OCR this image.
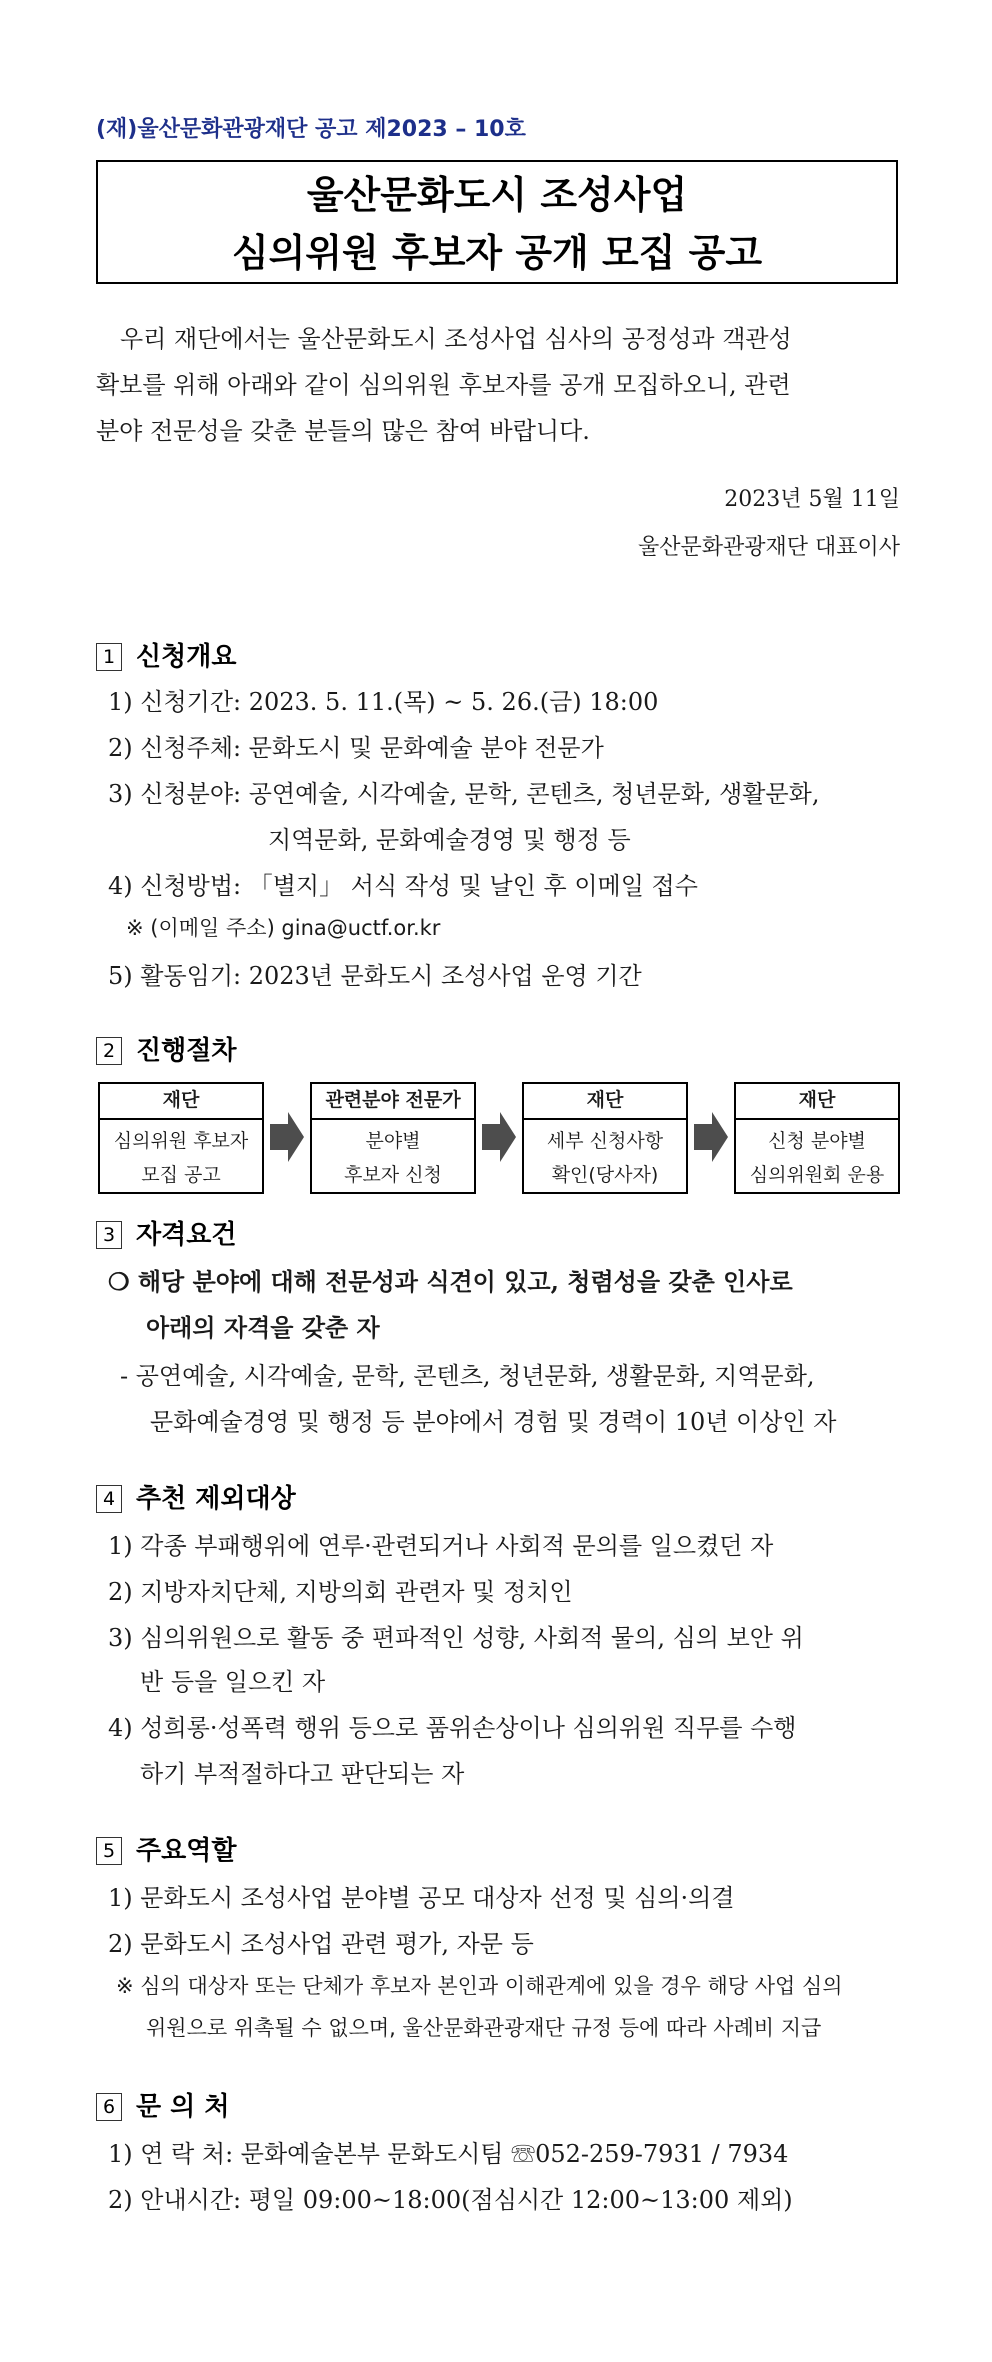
(재)울산문화관광재단 공고 제2023 – 10호
울산문화도시 조성사업
심의위원 후보자 공개 모집 공고
우리 재단에서는 울산문화도시 조성사업 심사의 공정성과 객관성
확보를 위해 아래와 같이 심의위원 후보자를 공개 모집하오니, 관련
분야 전문성을 갖춘 분들의 많은 참여 바랍니다.
2023년 5월 11일
울산문화관광재단 대표이사
1 신청개요
1) 신청기간: 2023. 5. 11.(목) ~ 5. 26.(금) 18:00
2) 신청주체: 문화도시 및 문화예술 분야 전문가
3) 신청분야: 공연예술, 시각예술, 문학, 콘텐츠, 청년문화, 생활문화,
지역문화, 문화예술경영 및 행정 등
4) 신청방법: 「별지」 서식 작성 및 날인 후 이메일 접수
※ (이메일 주소) gina@uctf.or.kr
5) 활동임기: 2023년 문화도시 조성사업 운영 기간
2 진행절차
재단
심의위원 후보자
모집 공고
관련분야 전문가
분야별
후보자 신청
재단
세부 신청사항
확인(당사자)
재단
신청 분야별
심의위원회 운용
3 자격요건
❍ 해당 분야에 대해 전문성과 식견이 있고, 청렴성을 갖춘 인사로
아래의 자격을 갖춘 자
- 공연예술, 시각예술, 문학, 콘텐츠, 청년문화, 생활문화, 지역문화,
문화예술경영 및 행정 등 분야에서 경험 및 경력이 10년 이상인 자
4 추천 제외대상
1) 각종 부패행위에 연루·관련되거나 사회적 문의를 일으켰던 자
2) 지방자치단체, 지방의회 관련자 및 정치인
3) 심의위원으로 활동 중 편파적인 성향, 사회적 물의, 심의 보안 위
반 등을 일으킨 자
4) 성희롱·성폭력 행위 등으로 품위손상이나 심의위원 직무를 수행
하기 부적절하다고 판단되는 자
5 주요역할
1) 문화도시 조성사업 분야별 공모 대상자 선정 및 심의·의결
2) 문화도시 조성사업 관련 평가, 자문 등
※ 심의 대상자 또는 단체가 후보자 본인과 이해관계에 있을 경우 해당 사업 심의
위원으로 위촉될 수 없으며, 울산문화관광재단 규정 등에 따라 사례비 지급
6 문 의 처
1) 연 락 처: 문화예술본부 문화도시팀 ☏052-259-7931 / 7934
2) 안내시간: 평일 09:00~18:00(점심시간 12:00~13:00 제외)
